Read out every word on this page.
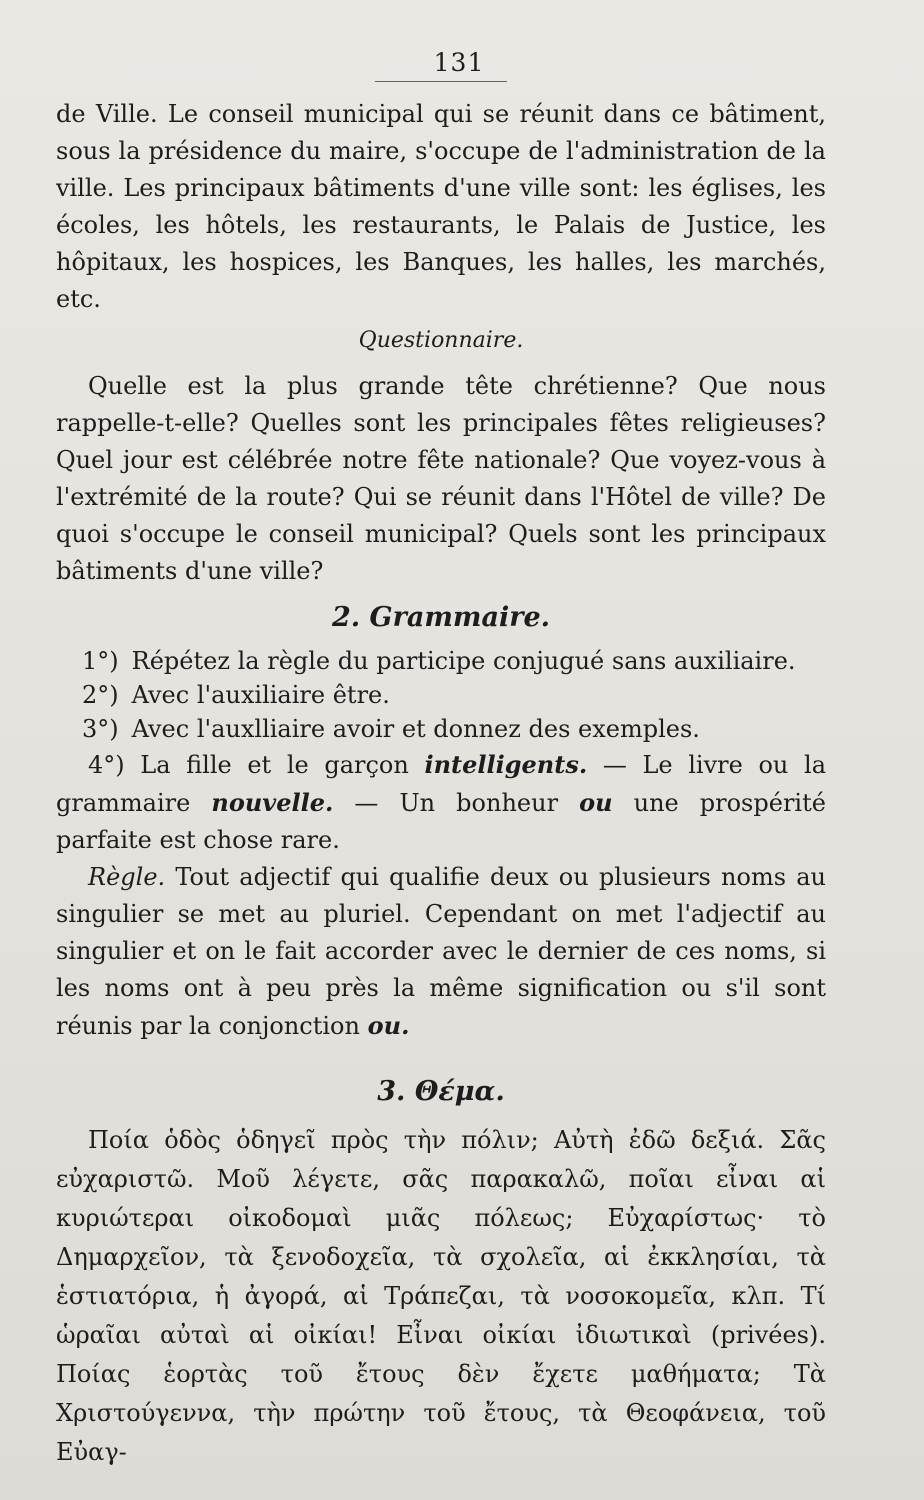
131

de Ville. Le conseil municipal qui se réunit dans ce bâtiment, sous la présidence du maire, s'occupe de l'administration de la ville. Les principaux bâtiments d'une ville sont: les églises, les écoles, les hôtels, les restaurants, le Palais de Justice, les hôpitaux, les hospices, les Banques, les halles, les marchés, etc.

Questionnaire.

Quelle est la plus grande tête chrétienne? Que nous rappelle-t-elle? Quelles sont les principales fêtes religieuses? Quel jour est célébrée notre fête nationale? Que voyez-vous à l'extrémité de la route? Qui se réunit dans l'Hôtel de ville? De quoi s'occupe le conseil municipal? Quels sont les principaux bâtiments d'une ville?

2. Grammaire.
1°) Répétez la règle du participe conjugué sans auxiliaire.
2°) Avec l'auxiliaire être.
3°) Avec l'auxlliaire avoir et donnez des exemples.

4°) La fille et le garçon intelligents. — Le livre ou la grammaire nouvelle. — Un bonheur ou une prospérité parfaite est chose rare.

Règle. Tout adjectif qui qualifie deux ou plusieurs noms au singulier se met au pluriel. Cependant on met l'adjectif au singulier et on le fait accorder avec le dernier de ces noms, si les noms ont à peu près la même signification ou s'il sont réunis par la conjonction ou.

3. Θέμα.

Ποία ὁδὸς ὁδηγεῖ πρὸς τὴν πόλιν; Αὐτὴ ἐδῶ δεξιά. Σᾶς εὐχαριστῶ. Μοῦ λέγετε, σᾶς παρακαλῶ, ποῖαι εἶναι αἱ κυριώτεραι οἰκοδομαὶ μιᾶς πόλεως; Εὐχαρίστως· τὸ Δημαρχεῖον, τὰ ξενοδοχεῖα, τὰ σχολεῖα, αἱ ἐκκλησίαι, τὰ ἑστιατόρια, ἡ ἀγορά, αἱ Τράπεζαι, τὰ νοσοκομεῖα, κλπ. Τί ὡραῖαι αὐταὶ αἱ οἰκίαι! Εἶναι οἰκίαι ἰδιωτικαὶ (privées). Ποίας ἑορτὰς τοῦ ἔτους δὲν ἔχετε μαθήματα; Τὰ Χριστούγεννα, τὴν πρώτην τοῦ ἔτους, τὰ Θεοφάνεια, τοῦ Εὐαγ-
